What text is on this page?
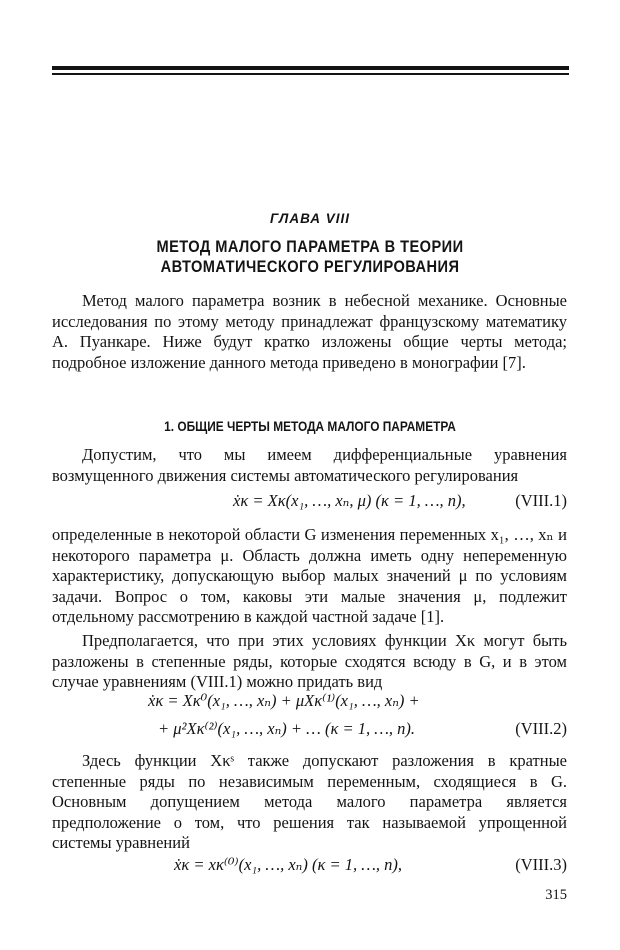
ГЛАВА VIII
МЕТОД МАЛОГО ПАРАМЕТРА В ТЕОРИИ
АВТОМАТИЧЕСКОГО РЕГУЛИРОВАНИЯ

Метод малого параметра возник в небесной механике. Основные исследования по этому методу принадлежат французскому математику А. Пуанкаре. Ниже будут кратко изложены общие черты метода; подробное изложение данного метода приведено в монографии [7].

1. ОБЩИЕ ЧЕРТЫ МЕТОДА МАЛОГО ПАРАМЕТРА

Допустим, что мы имеем дифференциальные уравнения возмущенного движения системы автоматического регулирования

ẋκ = Xκ(x₁, …, xₙ, μ) (κ = 1, …, n),	(VIII.1)

определенные в некоторой области G изменения переменных x₁, …, xₙ и некоторого параметра μ. Область должна иметь одну непеременную характеристику, допускающую выбор малых значений μ по условиям задачи. Вопрос о том, каковы эти малые значения μ, подлежит отдельному рассмотрению в каждой частной задаче [1].

Предполагается, что при этих условиях функции Xκ могут быть разложены в степенные ряды, которые сходятся всюду в G, и в этом случае уравнениям (VIII.1) можно придать вид

ẋκ = Xκ⁰(x₁, …, xₙ) + μXκ⁽¹⁾(x₁, …, xₙ) +
+ μ²Xκ⁽²⁾(x₁, …, xₙ) + … (κ = 1, …, n).	(VIII.2)

Здесь функции Xκˢ также допускают разложения в кратные степенные ряды по независимым переменным, сходящиеся в G. Основным допущением метода малого параметра является предположение о том, что решения так называемой упрощенной системы уравнений

ẋκ = xκ⁽⁰⁾(x₁, …, xₙ) (κ = 1, …, n),	(VIII.3)
315
